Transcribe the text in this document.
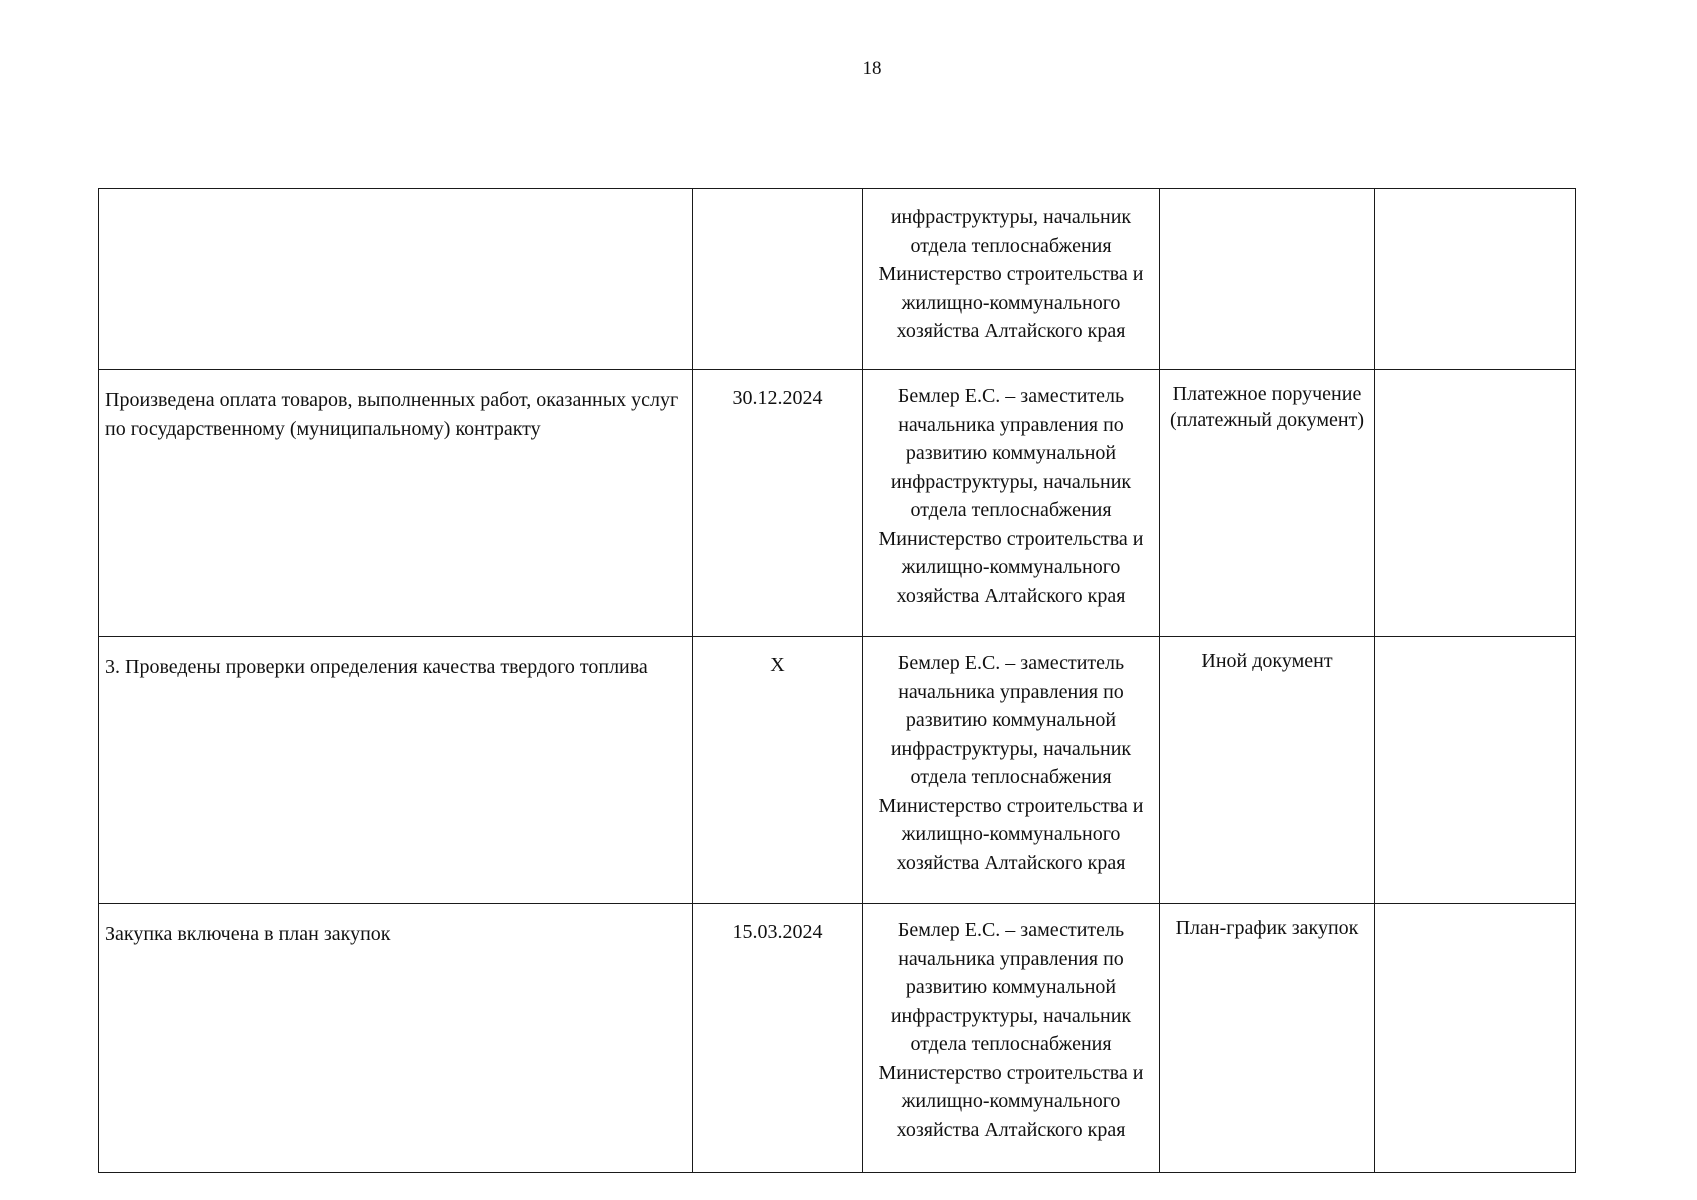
18
		инфраструктуры, начальник отдела теплоснабжения Министерство строительства и жилищно-коммунального хозяйства Алтайского края		
Произведена оплата товаров, выполненных работ, оказанных услуг по государственному (муниципальному) контракту	30.12.2024	Бемлер Е.С. – заместитель начальника управления по развитию коммунальной инфраструктуры, начальник отдела теплоснабжения Министерство строительства и жилищно-коммунального хозяйства Алтайского края	Платежное поручение (платежный документ)	
3. Проведены проверки определения качества твердого топлива	X	Бемлер Е.С. – заместитель начальника управления по развитию коммунальной инфраструктуры, начальник отдела теплоснабжения Министерство строительства и жилищно-коммунального хозяйства Алтайского края	Иной документ	
Закупка включена в план закупок	15.03.2024	Бемлер Е.С. – заместитель начальника управления по развитию коммунальной инфраструктуры, начальник отдела теплоснабжения Министерство строительства и жилищно-коммунального хозяйства Алтайского края	План-график закупок	
